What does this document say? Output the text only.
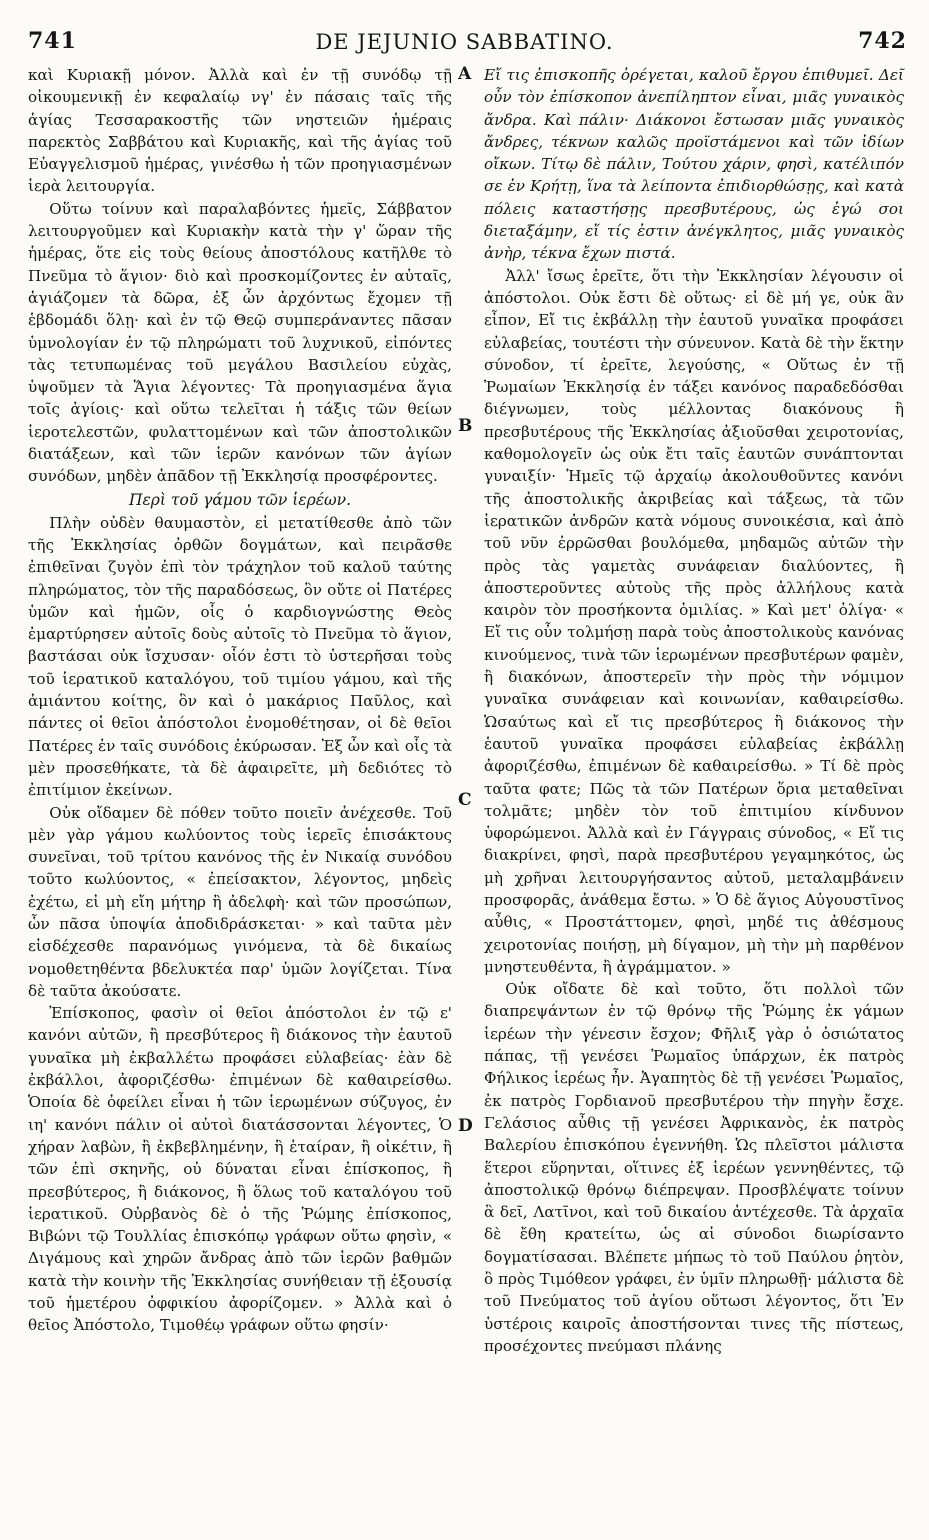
741	DE JEJUNIO SABBATINO.	742

καὶ Κυριακῇ μόνον. Ἀλλὰ καὶ ἐν τῇ συνόδῳ τῇ οἰκουμενικῇ ἐν κεφαλαίῳ νγ' ἐν πάσαις ταῖς τῆς ἁγίας Τεσσαρακοστῆς τῶν νηστειῶν ἡμέραις παρεκτὸς Σαββάτου καὶ Κυριακῆς, καὶ τῆς ἁγίας τοῦ Εὐαγγελισμοῦ ἡμέρας, γινέσθω ἡ τῶν προηγιασμένων ἱερὰ λειτουργία.

Οὕτω τοίνυν καὶ παραλαβόντες ἡμεῖς, Σάββατον λειτουργοῦμεν καὶ Κυριακὴν κατὰ τὴν γ' ὥραν τῆς ἡμέρας, ὅτε εἰς τοὺς θείους ἀποστόλους κατῆλθε τὸ Πνεῦμα τὸ ἅγιον· διὸ καὶ προσκομίζοντες ἐν αὐταῖς, ἁγιάζομεν τὰ δῶρα, ἐξ ὧν ἀρχόντως ἔχομεν τῇ ἑβδομάδι ὅλῃ· καὶ ἐν τῷ Θεῷ συμπεράναντες πᾶσαν ὑμνολογίαν ἐν τῷ πληρώματι τοῦ λυχνικοῦ, εἰπόντες τὰς τετυπωμένας τοῦ μεγάλου Βασιλείου εὐχὰς, ὑψοῦμεν τὰ Ἅγια λέγοντες· Τὰ προηγιασμένα ἅγια τοῖς ἁγίοις· καὶ οὕτω τελεῖται ἡ τάξις τῶν θείων ἱεροτελεστῶν, φυλαττομένων καὶ τῶν ἀποστολικῶν διατάξεων, καὶ τῶν ἱερῶν κανόνων τῶν ἁγίων συνόδων, μηδὲν ἀπᾶδον τῇ Ἐκκλησίᾳ προσφέροντες.

Περὶ τοῦ γάμου τῶν ἱερέων.

Πλὴν οὐδὲν θαυμαστὸν, εἰ μετατίθεσθε ἀπὸ τῶν τῆς Ἐκκλησίας ὀρθῶν δογμάτων, καὶ πειρᾶσθε ἐπιθεῖναι ζυγὸν ἐπὶ τὸν τράχηλον τοῦ καλοῦ ταύτης πληρώματος, τὸν τῆς παραδόσεως, ὃν οὔτε οἱ Πατέρες ὑμῶν καὶ ἡμῶν, οἷς ὁ καρδιογνώστης Θεὸς ἐμαρτύρησεν αὐτοῖς δοὺς αὐτοῖς τὸ Πνεῦμα τὸ ἅγιον, βαστάσαι οὐκ ἴσχυσαν· οἷόν ἐστι τὸ ὑστερῆσαι τοὺς τοῦ ἱερατικοῦ καταλόγου, τοῦ τιμίου γάμου, καὶ τῆς ἀμιάντου κοίτης, ὃν καὶ ὁ μακάριος Παῦλος, καὶ πάντες οἱ θεῖοι ἀπόστολοι ἐνομοθέτησαν, οἱ δὲ θεῖοι Πατέρες ἐν ταῖς συνόδοις ἐκύρωσαν. Ἐξ ὧν καὶ οἷς τὰ μὲν προσεθήκατε, τὰ δὲ ἀφαιρεῖτε, μὴ δεδιότες τὸ ἐπιτίμιον ἐκείνων.

Οὐκ οἴδαμεν δὲ πόθεν τοῦτο ποιεῖν ἀνέχεσθε. Τοῦ μὲν γὰρ γάμου κωλύοντος τοὺς ἱερεῖς ἐπισάκτους συνεῖναι, τοῦ τρίτου κανόνος τῆς ἐν Νικαίᾳ συνόδου τοῦτο κωλύοντος, « ἐπείσακτον, λέγοντος, μηδεὶς ἐχέτω, εἰ μὴ εἴη μήτηρ ἢ ἀδελφὴ· καὶ τῶν προσώπων, ὧν πᾶσα ὑποψία ἀποδιδράσκεται· » καὶ ταῦτα μὲν εἰσδέχεσθε παρανόμως γινόμενα, τὰ δὲ δικαίως νομοθετηθέντα βδελυκτέα παρ' ὑμῶν λογίζεται. Τίνα δὲ ταῦτα ἀκούσατε.

Ἐπίσκοπος, φασὶν οἱ θεῖοι ἀπόστολοι ἐν τῷ ε' κανόνι αὐτῶν, ἢ πρεσβύτερος ἢ διάκονος τὴν ἑαυτοῦ γυναῖκα μὴ ἐκβαλλέτω προφάσει εὐλαβείας· ἐὰν δὲ ἐκβάλλοι, ἀφοριζέσθω· ἐπιμένων δὲ καθαιρείσθω. Ὁποία δὲ ὀφείλει εἶναι ἡ τῶν ἱερωμένων σύζυγος, ἐν ιη' κανόνι πάλιν οἱ αὐτοὶ διατάσσονται λέγοντες, Ὁ χήραν λαβὼν, ἢ ἐκβεβλημένην, ἢ ἑταίραν, ἢ οἰκέτιν, ἢ τῶν ἐπὶ σκηνῆς, οὐ δύναται εἶναι ἐπίσκοπος, ἢ πρεσβύτερος, ἢ διάκονος, ἢ ὅλως τοῦ καταλόγου τοῦ ἱερατικοῦ. Οὐρβανὸς δὲ ὁ τῆς Ῥώμης ἐπίσκοπος, Βιβώνι τῷ Τουλλίας ἐπισκόπῳ γράφων οὕτω φησὶν, « Διγάμους καὶ χηρῶν ἄνδρας ἀπὸ τῶν ἱερῶν βαθμῶν κατὰ τὴν κοινὴν τῆς Ἐκκλησίας συνήθειαν τῇ ἐξουσίᾳ τοῦ ἡμετέρου ὀφφικίου ἀφορίζομεν. » Ἀλλὰ καὶ ὁ θεῖος Ἀπόστολο, Τιμοθέῳ γράφων οὕτω φησίν·

A
B
C
D

Εἴ τις ἐπισκοπῆς ὀρέγεται, καλοῦ ἔργου ἐπιθυμεῖ. Δεῖ οὖν τὸν ἐπίσκοπον ἀνεπίληπτον εἶναι, μιᾶς γυναικὸς ἄνδρα. Καὶ πάλιν· Διάκονοι ἔστωσαν μιᾶς γυναικὸς ἄνδρες, τέκνων καλῶς προϊστάμενοι καὶ τῶν ἰδίων οἴκων. Τίτῳ δὲ πάλιν, Τούτου χάριν, φησὶ, κατέλιπόν σε ἐν Κρήτῃ, ἵνα τὰ λείποντα ἐπιδιορθώσῃς, καὶ κατὰ πόλεις καταστήσῃς πρεσβυτέρους, ὡς ἐγώ σοι διεταξάμην, εἴ τίς ἐστιν ἀνέγκλητος, μιᾶς γυναικὸς ἀνὴρ, τέκνα ἔχων πιστά.

Ἀλλ' ἴσως ἐρεῖτε, ὅτι τὴν Ἐκκλησίαν λέγουσιν οἱ ἀπόστολοι. Οὐκ ἔστι δὲ οὕτως· εἰ δὲ μή γε, οὐκ ἂν εἶπον, Εἴ τις ἐκβάλλῃ τὴν ἑαυτοῦ γυναῖκα προφάσει εὐλαβείας, τουτέστι τὴν σύνευνον. Κατὰ δὲ τὴν ἕκτην σύνοδον, τί ἐρεῖτε, λεγούσης, « Οὕτως ἐν τῇ Ῥωμαίων Ἐκκλησίᾳ ἐν τάξει κανόνος παραδεδόσθαι διέγνωμεν, τοὺς μέλλοντας διακόνους ἢ πρεσβυτέρους τῆς Ἐκκλησίας ἀξιοῦσθαι χειροτονίας, καθομολογεῖν ὡς οὐκ ἔτι ταῖς ἑαυτῶν συνάπτονται γυναιξίν· Ἡμεῖς τῷ ἀρχαίῳ ἀκολουθοῦντες κανόνι τῆς ἀποστολικῆς ἀκριβείας καὶ τάξεως, τὰ τῶν ἱερατικῶν ἀνδρῶν κατὰ νόμους συνοικέσια, καὶ ἀπὸ τοῦ νῦν ἐρρῶσθαι βουλόμεθα, μηδαμῶς αὐτῶν τὴν πρὸς τὰς γαμετὰς συνάφειαν διαλύοντες, ἢ ἀποστεροῦντες αὐτοὺς τῆς πρὸς ἀλλήλους κατὰ καιρὸν τὸν προσήκοντα ὁμιλίας. » Καὶ μετ' ὀλίγα· « Εἴ τις οὖν τολμήσῃ παρὰ τοὺς ἀποστολικοὺς κανόνας κινούμενος, τινὰ τῶν ἱερωμένων πρεσβυτέρων φαμὲν, ἢ διακόνων, ἀποστερεῖν τὴν πρὸς τὴν νόμιμον γυναῖκα συνάφειαν καὶ κοινωνίαν, καθαιρείσθω. Ὡσαύτως καὶ εἴ τις πρεσβύτερος ἢ διάκονος τὴν ἑαυτοῦ γυναῖκα προφάσει εὐλαβείας ἐκβάλλῃ ἀφοριζέσθω, ἐπιμένων δὲ καθαιρείσθω. » Τί δὲ πρὸς ταῦτα φατε; Πῶς τὰ τῶν Πατέρων ὅρια μεταθεῖναι τολμᾶτε; μηδὲν τὸν τοῦ ἐπιτιμίου κίνδυνον ὑφορώμενοι. Ἀλλὰ καὶ ἐν Γάγγραις σύνοδος, « Εἴ τις διακρίνει, φησὶ, παρὰ πρεσβυτέρου γεγαμηκότος, ὡς μὴ χρῆναι λειτουργήσαντος αὐτοῦ, μεταλαμβάνειν προσφορᾶς, ἀνάθεμα ἔστω. » Ὁ δὲ ἅγιος Αὐγουστῖνος αὖθις, « Προστάττομεν, φησὶ, μηδέ τις ἀθέσμους χειροτονίας ποιήσῃ, μὴ δίγαμον, μὴ τὴν μὴ παρθένον μνηστευθέντα, ἢ ἀγράμματον. »

Οὐκ οἴδατε δὲ καὶ τοῦτο, ὅτι πολλοὶ τῶν διαπρεψάντων ἐν τῷ θρόνῳ τῆς Ῥώμης ἐκ γάμων ἱερέων τὴν γένεσιν ἔσχον; Φῆλιξ γὰρ ὁ ὁσιώτατος πάπας, τῇ γενέσει Ῥωμαῖος ὑπάρχων, ἐκ πατρὸς Φήλικος ἱερέως ἦν. Ἀγαπητὸς δὲ τῇ γενέσει Ῥωμαῖος, ἐκ πατρὸς Γορδιανοῦ πρεσβυτέρου τὴν πηγὴν ἔσχε. Γελάσιος αὖθις τῇ γενέσει Ἀφρικανὸς, ἐκ πατρὸς Βαλερίου ἐπισκόπου ἐγεννήθη. Ὡς πλεῖστοι μάλιστα ἕτεροι εὕρηνται, οἵτινες ἐξ ἱερέων γεννηθέντες, τῷ ἀποστολικῷ θρόνῳ διέπρεψαν. Προσβλέψατε τοίνυν ἃ δεῖ, Λατῖνοι, καὶ τοῦ δικαίου ἀντέχεσθε. Τὰ ἀρχαῖα δὲ ἔθη κρατείτω, ὡς αἱ σύνοδοι διωρίσαντο δογματίσασαι. Βλέπετε μήπως τὸ τοῦ Παύλου ῥητὸν, ὃ πρὸς Τιμόθεον γράφει, ἐν ὑμῖν πληρωθῇ· μάλιστα δὲ τοῦ Πνεύματος τοῦ ἁγίου οὕτωσι λέγοντος, ὅτι Ἐν ὑστέροις καιροῖς ἀποστήσονται τινες τῆς πίστεως, προσέχοντες πνεύμασι πλάνης
